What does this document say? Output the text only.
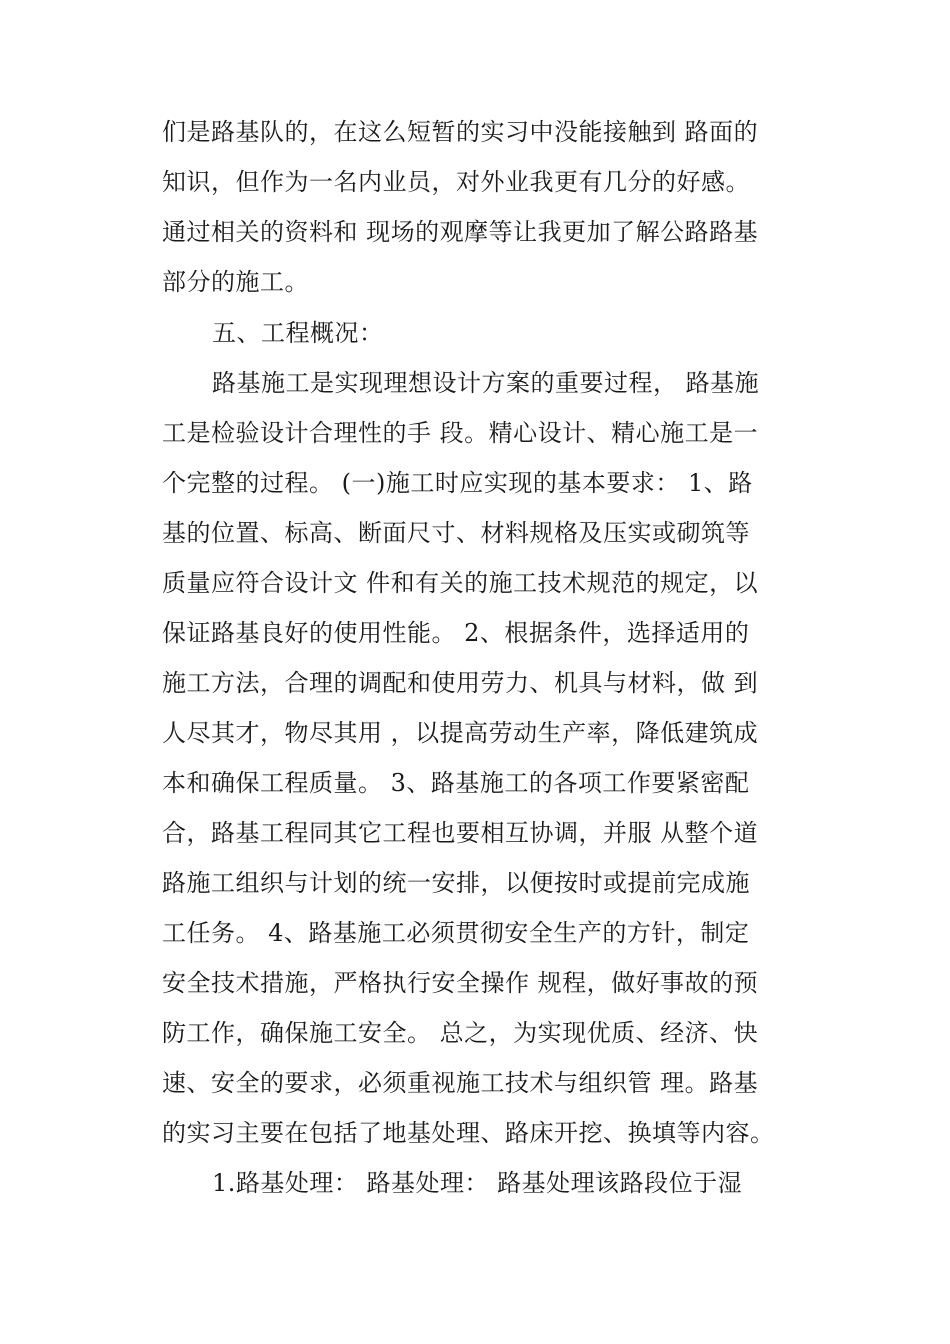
们是路基队的，在这么短暂的实习中没能接触到 路面的
知识，但作为一名内业员，对外业我更有几分的好感。
通过相关的资料和 现场的观摩等让我更加了解公路路基
部分的施工。
五、工程概况：
路基施工是实现理想设计方案的重要过程， 路基施
工是检验设计合理性的手 段。精心设计、精心施工是一
个完整的过程。 (一)施工时应实现的基本要求： 1、路
基的位置、标高、断面尺寸、材料规格及压实或砌筑等
质量应符合设计文 件和有关的施工技术规范的规定，以
保证路基良好的使用性能。 2、根据条件，选择适用的
施工方法，合理的调配和使用劳力、机具与材料，做 到
人尽其才，物尽其用 ，以提高劳动生产率，降低建筑成
本和确保工程质量。 3、路基施工的各项工作要紧密配
合，路基工程同其它工程也要相互协调，并服 从整个道
路施工组织与计划的统一安排，以便按时或提前完成施
工任务。 4、路基施工必须贯彻安全生产的方针，制定
安全技术措施，严格执行安全操作 规程，做好事故的预
防工作，确保施工安全。 总之，为实现优质、经济、快
速、安全的要求，必须重视施工技术与组织管 理。路基
的实习主要在包括了地基处理、路床开挖、换填等内容。
1.路基处理： 路基处理： 路基处理该路段位于湿
